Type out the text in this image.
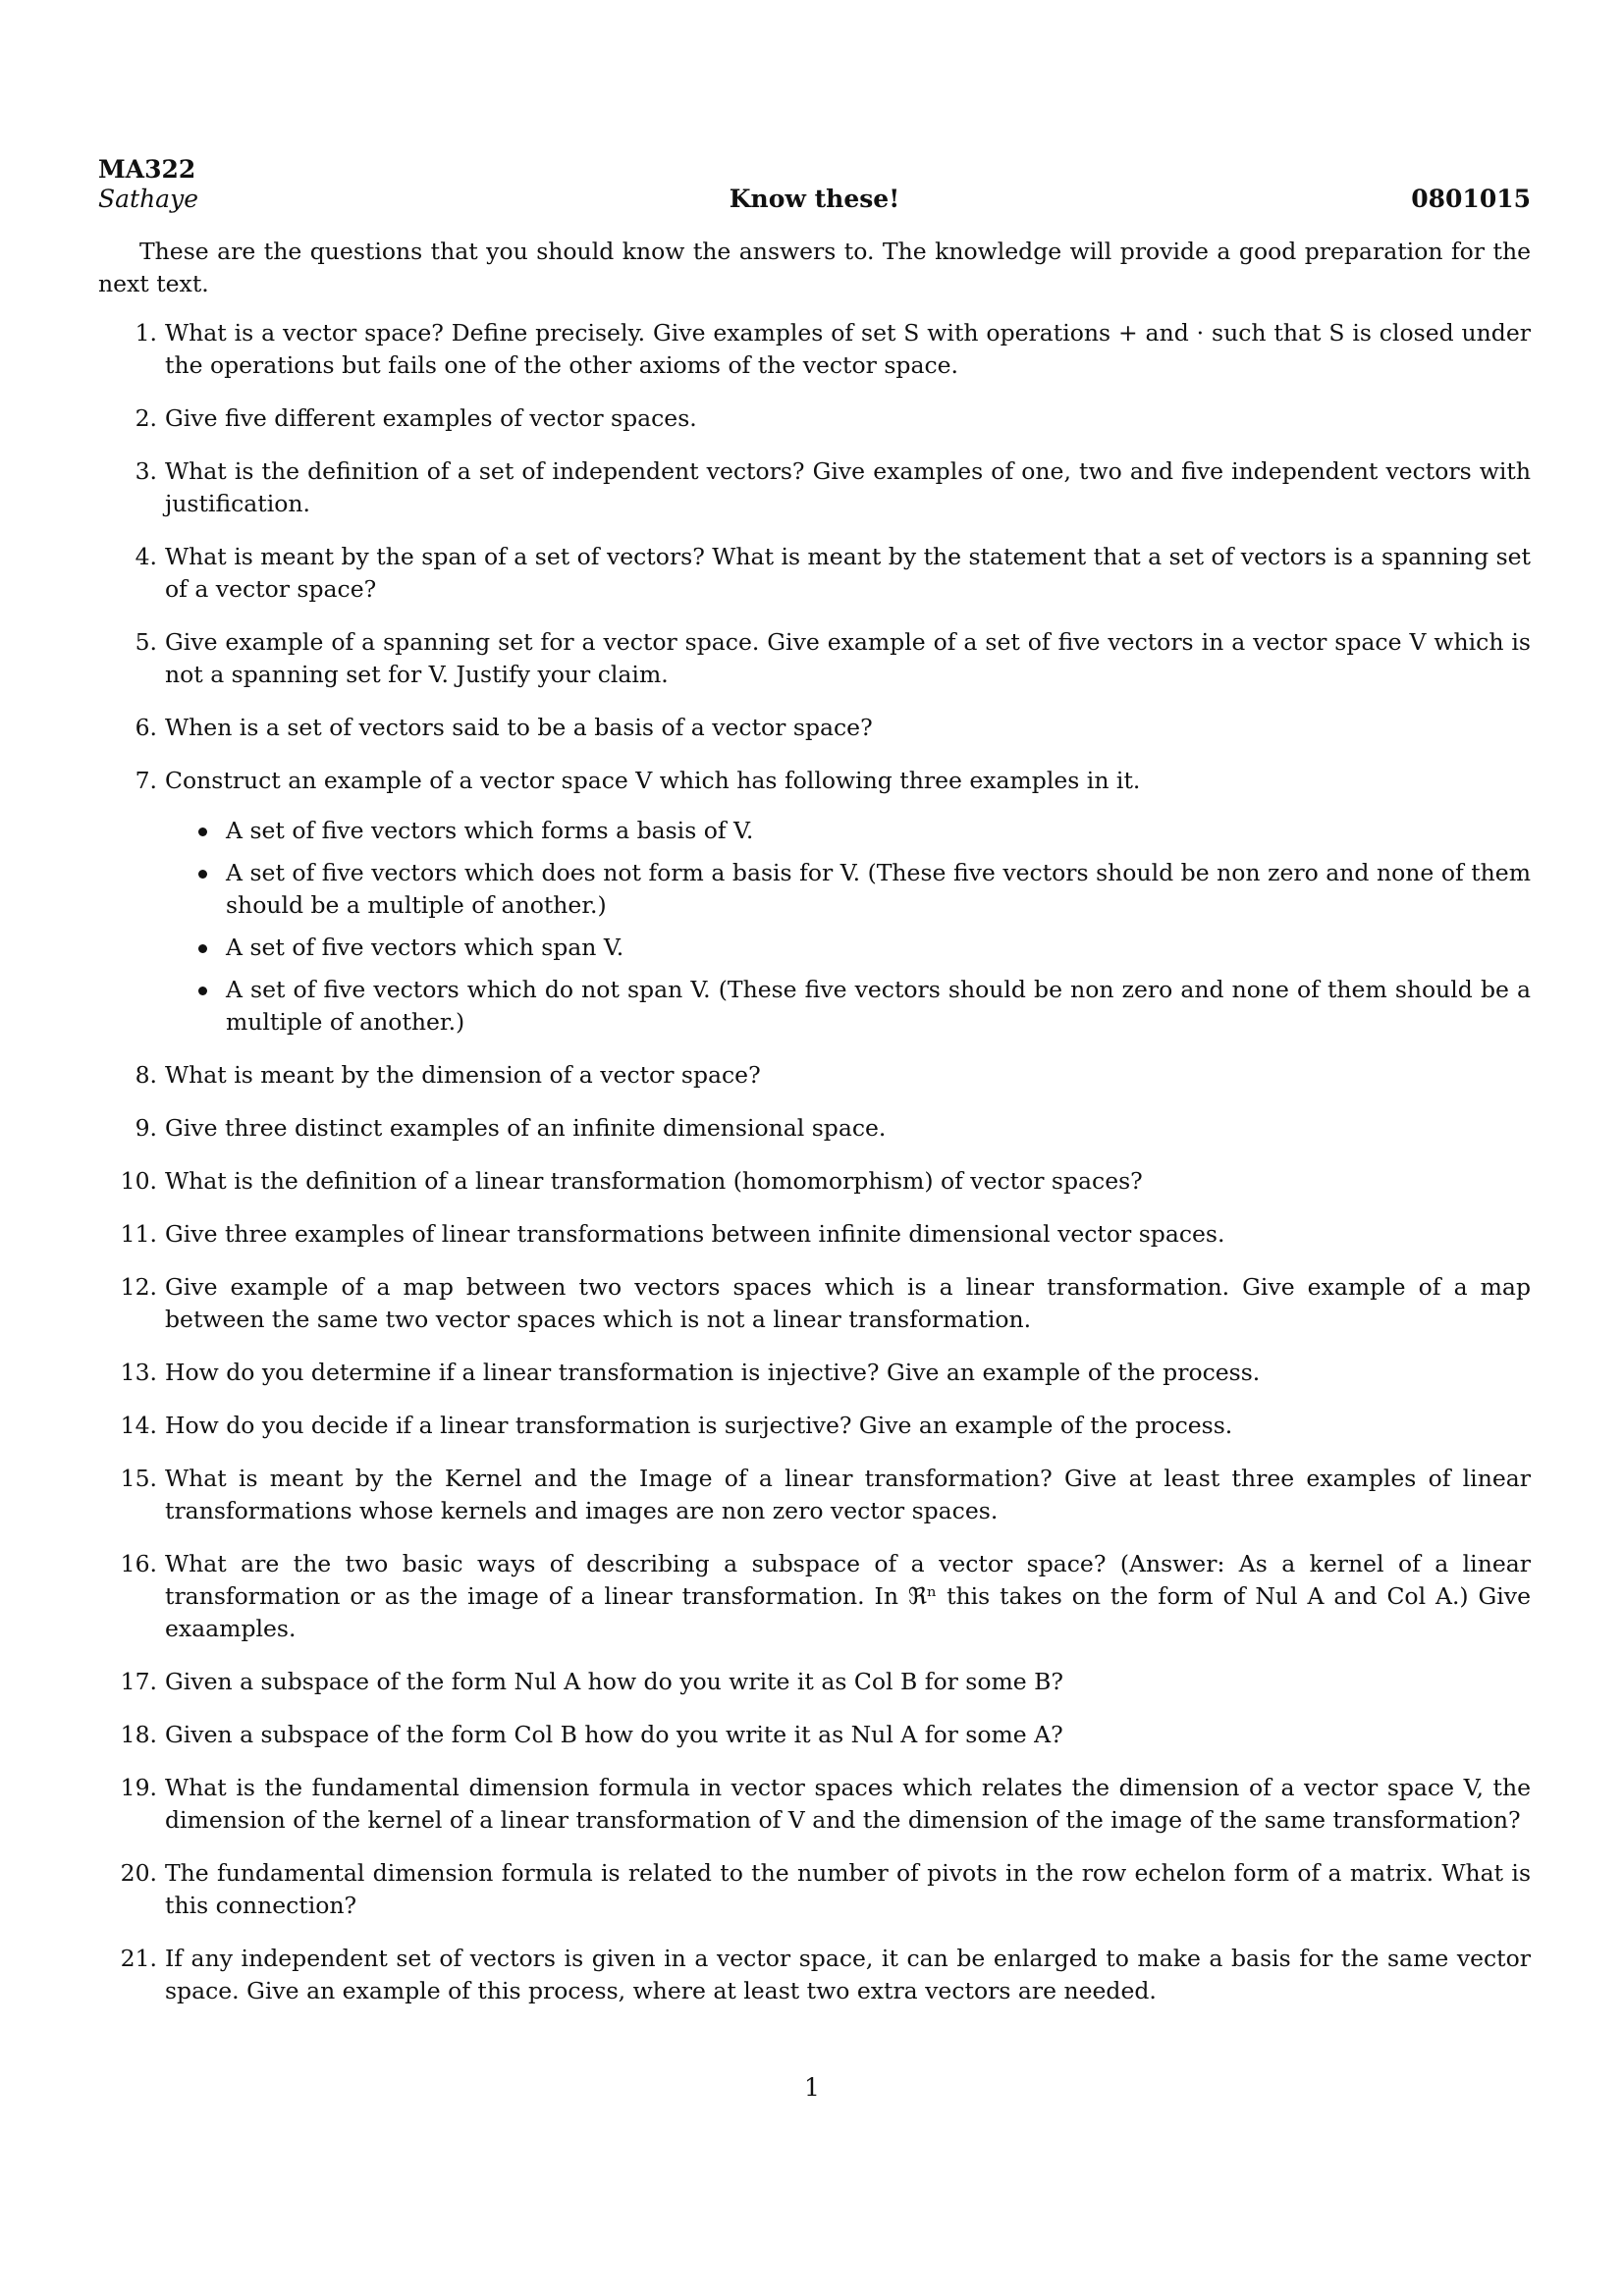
MA322
Sathaye	Know these!	0801015

These are the questions that you should know the answers to. The knowledge will provide a good preparation for the next text.

1. What is a vector space? Define precisely. Give examples of set S with operations + and · such that S is closed under the operations but fails one of the other axioms of the vector space.
2. Give five different examples of vector spaces.
3. What is the definition of a set of independent vectors? Give examples of one, two and five independent vectors with justification.
4. What is meant by the span of a set of vectors? What is meant by the statement that a set of vectors is a spanning set of a vector space?
5. Give example of a spanning set for a vector space. Give example of a set of five vectors in a vector space V which is not a spanning set for V. Justify your claim.
6. When is a set of vectors said to be a basis of a vector space?
7. Construct an example of a vector space V which has following three examples in it.
A set of five vectors which forms a basis of V.
A set of five vectors which does not form a basis for V. (These five vectors should be non zero and none of them should be a multiple of another.)
A set of five vectors which span V.
A set of five vectors which do not span V. (These five vectors should be non zero and none of them should be a multiple of another.)
8. What is meant by the dimension of a vector space?
9. Give three distinct examples of an infinite dimensional space.
10. What is the definition of a linear transformation (homomorphism) of vector spaces?
11. Give three examples of linear transformations between infinite dimensional vector spaces.
12. Give example of a map between two vectors spaces which is a linear transformation. Give example of a map between the same two vector spaces which is not a linear transformation.
13. How do you determine if a linear transformation is injective? Give an example of the process.
14. How do you decide if a linear transformation is surjective? Give an example of the process.
15. What is meant by the Kernel and the Image of a linear transformation? Give at least three examples of linear transformations whose kernels and images are non zero vector spaces.
16. What are the two basic ways of describing a subspace of a vector space? (Answer: As a kernel of a linear transformation or as the image of a linear transformation. In ℜⁿ this takes on the form of Nul A and Col A.) Give exaamples.
17. Given a subspace of the form Nul A how do you write it as Col B for some B?
18. Given a subspace of the form Col B how do you write it as Nul A for some A?
19. What is the fundamental dimension formula in vector spaces which relates the dimension of a vector space V, the dimension of the kernel of a linear transformation of V and the dimension of the image of the same transformation?
20. The fundamental dimension formula is related to the number of pivots in the row echelon form of a matrix. What is this connection?
21. If any independent set of vectors is given in a vector space, it can be enlarged to make a basis for the same vector space. Give an example of this process, where at least two extra vectors are needed.
1
